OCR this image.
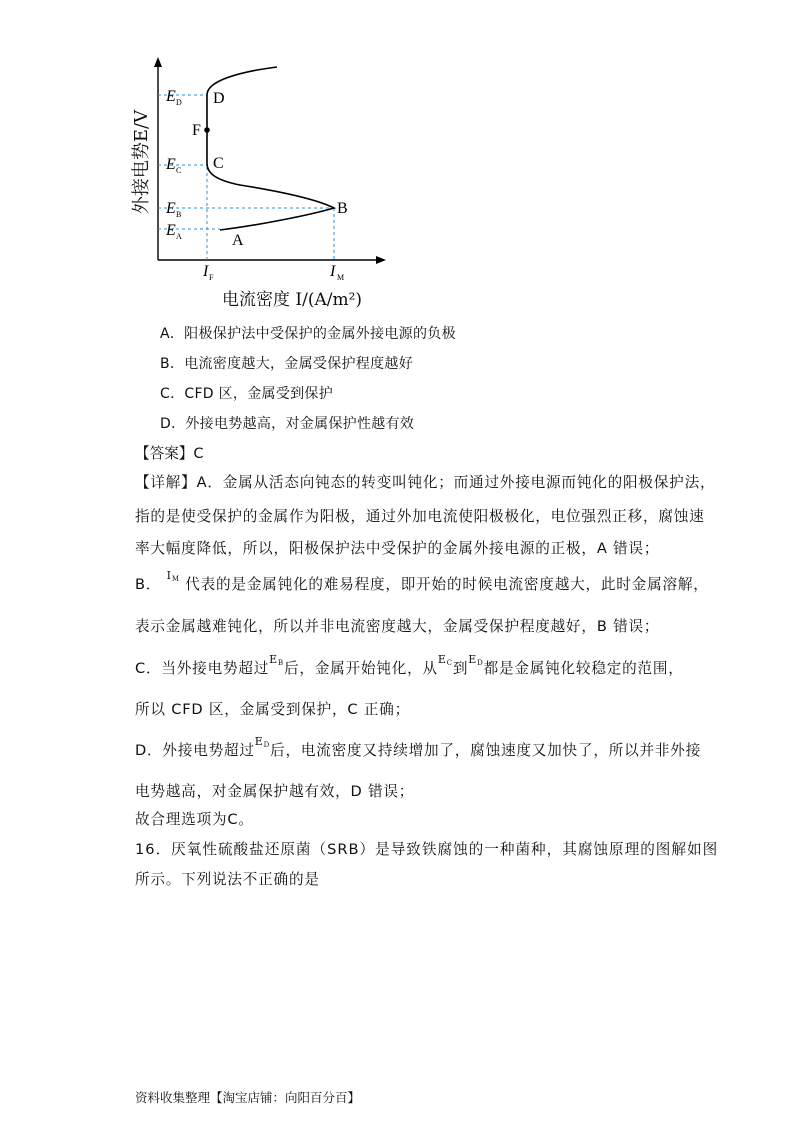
D
F
C
B
A
E D
E C
E B
E A
I F	I M
外接电势E/V
电流密度 I/(A/m²)
A．阳极保护法中受保护的金属外接电源的负极
B．电流密度越大，金属受保护程度越好
C．CFD 区，金属受到保护
D．外接电势越高，对金属保护性越有效
【答案】C
【详解】A．金属从活态向钝态的转变叫钝化；而通过外接电源而钝化的阳极保护法，
指的是使受保护的金属作为阳极，通过外加电流使阳极极化，电位强烈正移，腐蚀速
率大幅度降低，所以，阳极保护法中受保护的金属外接电源的正极，A 错误；
B． $I_M$ 代表的是金属钝化的难易程度，即开始的时候电流密度越大，此时金属溶解，
表示金属越难钝化，所以并非电流密度越大，金属受保护程度越好，B 错误；
C．当外接电势超过$E_B$后，金属开始钝化，从$E_C$到$E_D$都是金属钝化较稳定的范围，
所以 CFD 区，金属受到保护，C 正确；
D．外接电势超过$E_D$后，电流密度又持续增加了，腐蚀速度又加快了，所以并非外接
电势越高，对金属保护越有效，D 错误；
故合理选项为C。
16．厌氧性硫酸盐还原菌（SRB）是导致铁腐蚀的一种菌种，其腐蚀原理的图解如图
所示。下列说法不正确的是
资料收集整理【淘宝店铺：向阳百分百】
